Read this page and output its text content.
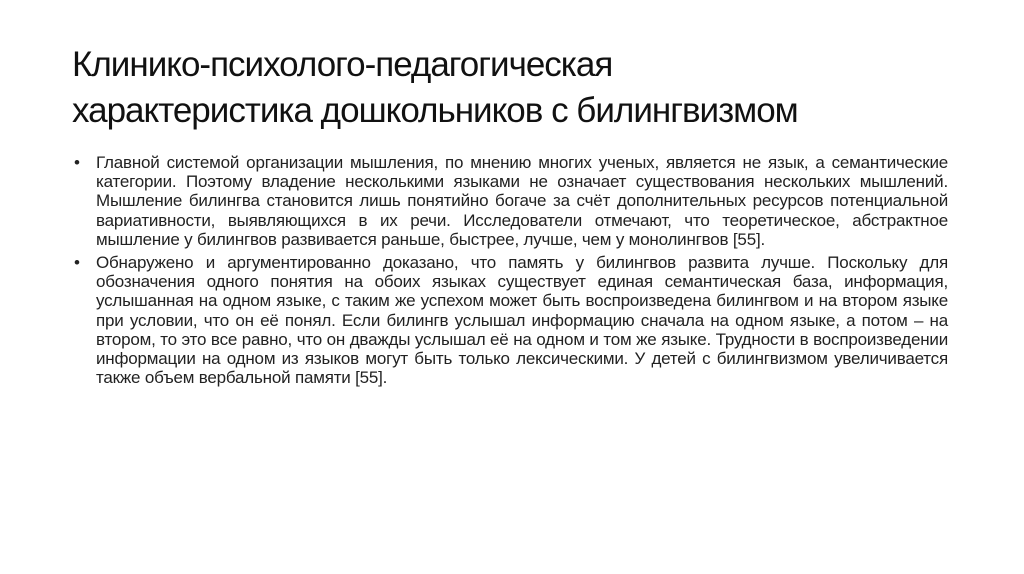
Клинико-психолого-педагогическая
характеристика дошкольников с билингвизмом
• Главной системой организации мышления, по мнению многих ученых, является не язык, а семантические категории. Поэтому владение несколькими языками не означает существования нескольких мышлений. Мышление билингва становится лишь понятийно богаче за счёт дополнительных ресурсов потенциальной вариативности, выявляющихся в их речи. Исследователи отмечают, что теоретическое, абстрактное мышление у билингвов развивается раньше, быстрее, лучше, чем у монолингвов [55].
• Обнаружено и аргументированно доказано, что память у билингвов развита лучше. Поскольку для обозначения одного понятия на обоих языках существует единая семантическая база, информация, услышанная на одном языке, с таким же успехом может быть воспроизведена билингвом и на втором языке при условии, что он её понял. Если билингв услышал информацию сначала на одном языке, а потом – на втором, то это все равно, что он дважды услышал её на одном и том же языке. Трудности в воспроизведении информации на одном из языков могут быть только лексическими. У детей с билингвизмом увеличивается также объем вербальной памяти [55].
